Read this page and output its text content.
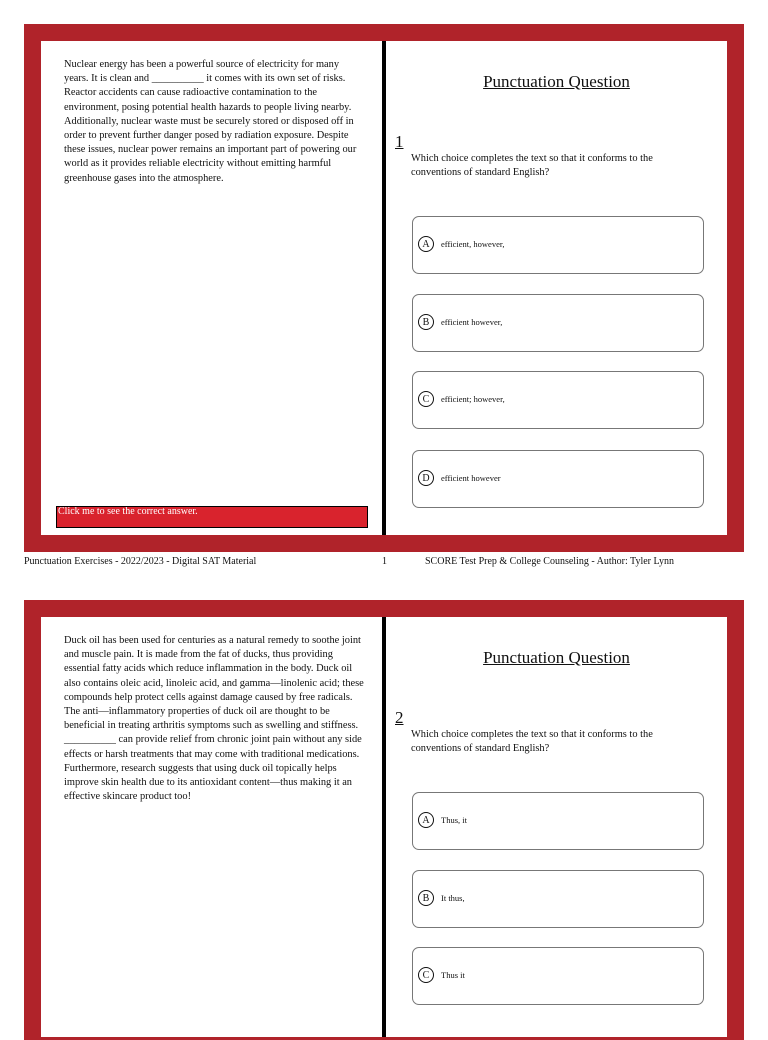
Nuclear energy has been a powerful source of electricity for many years. It is clean and __________ it comes with its own set of risks. Reactor accidents can cause radioactive contamination to the environment, posing potential health hazards to people living nearby. Additionally, nuclear waste must be securely stored or disposed off in order to prevent further danger posed by radiation exposure. Despite these issues, nuclear power remains an important part of powering our world as it provides reliable electricity without emitting harmful greenhouse gases into the atmosphere.

Click me to see the correct answer.
Punctuation Question
1

Which choice completes the text so that it conforms to the conventions of standard English?

A	efficient, however,
B	efficient however,
C	efficient; however,
D	efficient however
Punctuation Exercises - 2022/2023 - Digital SAT Material	1	SCORE Test Prep & College Counseling - Author: Tyler Lynn

Duck oil has been used for centuries as a natural remedy to soothe joint and muscle pain. It is made from the fat of ducks, thus providing essential fatty acids which reduce inflammation in the body. Duck oil also contains oleic acid, linoleic acid, and gamma—linolenic acid; these compounds help protect cells against damage caused by free radicals. The anti—inflammatory properties of duck oil are thought to be beneficial in treating arthritis symptoms such as swelling and stiffness. __________ can provide relief from chronic joint pain without any side effects or harsh treatments that may come with traditional medications. Furthermore, research suggests that using duck oil topically helps improve skin health due to its antioxidant content—thus making it an effective skincare product too!

Punctuation Question
2

Which choice completes the text so that it conforms to the conventions of standard English?

A	Thus, it
B	It thus,
C	Thus it
